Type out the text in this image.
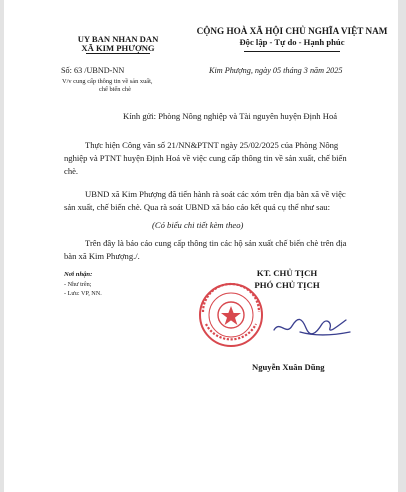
UY BAN NHAN DAN
XÃ KIM PHƯỢNG
CỘNG HOÀ XÃ HỘI CHỦ NGHĨA VIỆT NAM
Độc lập - Tự do - Hạnh phúc
Số: 63 /UBND-NN
V/v cung cấp thông tin về sản xuất,
chế biến chè
Kim Phượng, ngày 05 tháng 3 năm 2025
Kính gửi: Phòng Nông nghiệp và Tài nguyên huyện Định Hoá
Thực hiện Công văn số 21/NN&PTNT ngày 25/02/2025 của Phòng Nông
nghiệp và PTNT huyện Định Hoá về việc cung cấp thông tin về sản xuất, chế biến
chè.
UBND xã Kim Phượng đã tiến hành rà soát các xóm trên địa bàn xã về việc
sản xuất, chế biến chè. Qua rà soát UBND xã báo cáo kết quả cụ thể như sau:
(Có biểu chi tiết kèm theo)
Trên đây là báo cáo cung cấp thông tin các hộ sản xuất chế biến chè trên địa
bàn xã Kim Phượng./.
Nơi nhận:
- Như trên;
- Lưu: VP, NN.
KT. CHỦ TỊCH
PHÓ CHỦ TỊCH
Nguyễn Xuân Dũng
